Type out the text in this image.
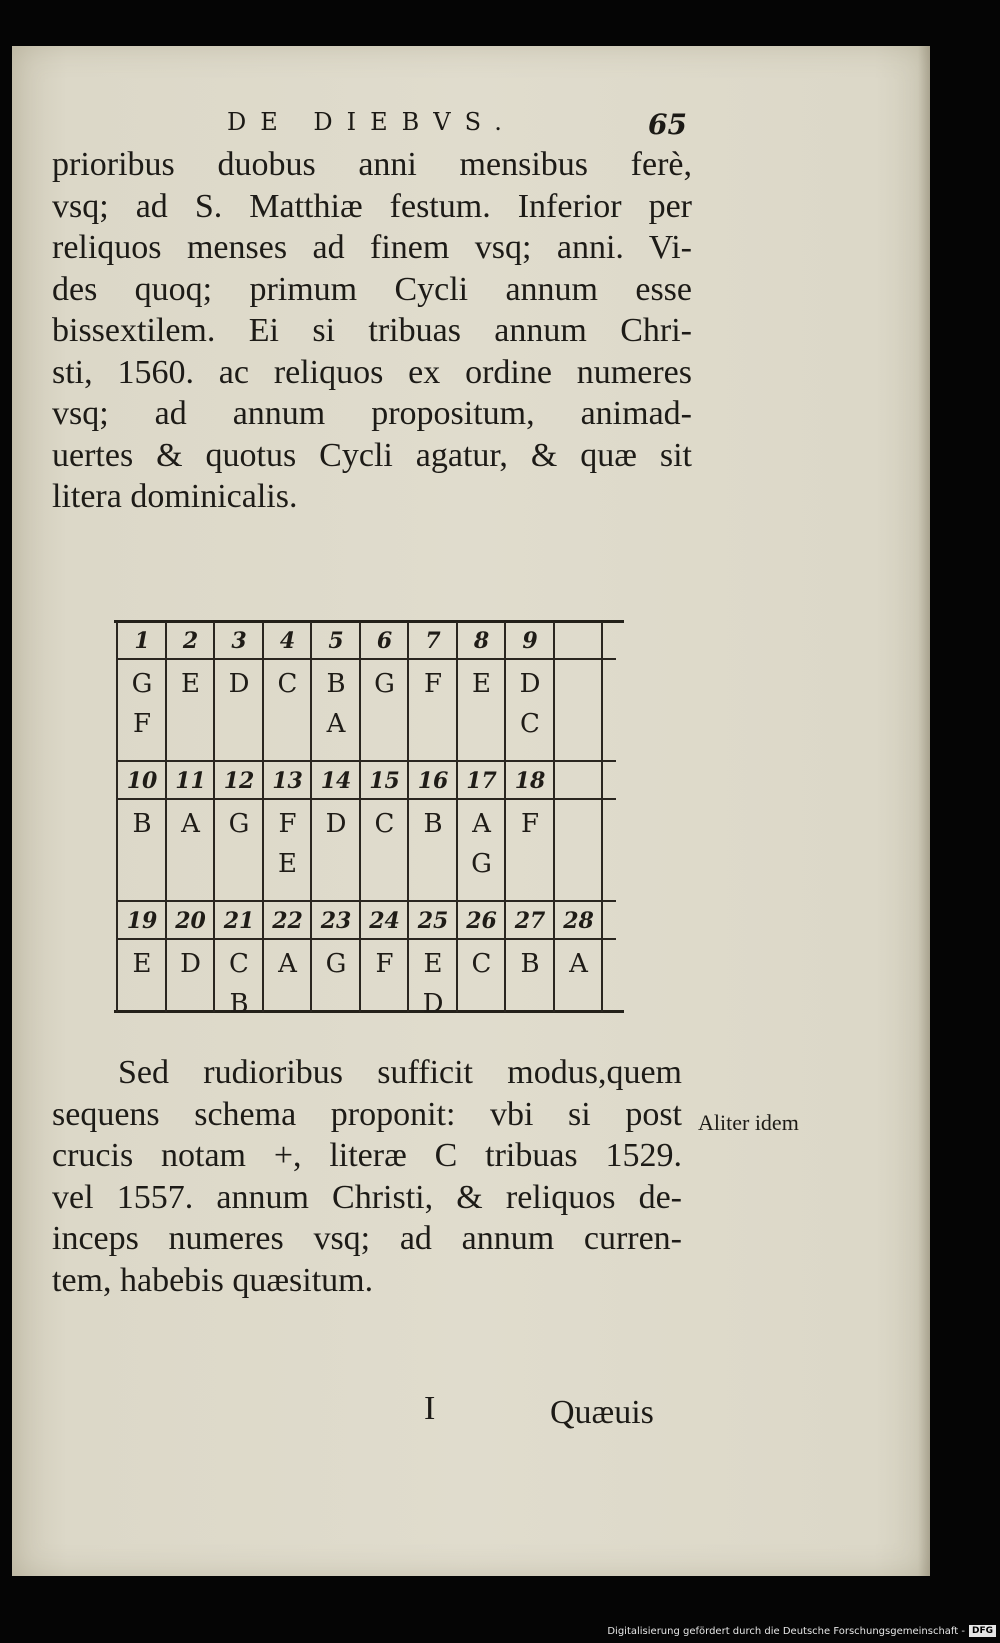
DE DIEBVS.	65
prioribus duobus anni mensibus ferè,
vsq; ad S. Matthiæ festum. Inferior per
reliquos menses ad finem vsq; anni. Vi-
des quoq; primum Cycli annum esse
bissextilem. Ei si tribuas annum Chri-
sti, 1560. ac reliquos ex ordine numeres
vsq; ad annum propositum, animad-
uertes & quotus Cycli agatur, & quæ sit
litera dominicalis.
1
G
F
2
E
3
D
4
C
5
B
A
6
G
7
F
8
E
9
D
C
10
B
11
A
12
G
13
F
E
14
D
15
C
16
B
17
A
G
18
F
19
E
20
D
21
C
B
22
A
23
G
24
F
25
E
D
26
C
27
B
28
A
Sed rudioribus sufficit modus,quem
sequens schema proponit: vbi si post
crucis notam +, literæ C tribuas 1529.
vel 1557. annum Christi, & reliquos de-
inceps numeres vsq; ad annum curren-
tem, habebis quæsitum.
Aliter idem
I	Quæuis
Digitalisierung gefördert durch die Deutsche Forschungsgemeinschaft - DFG
